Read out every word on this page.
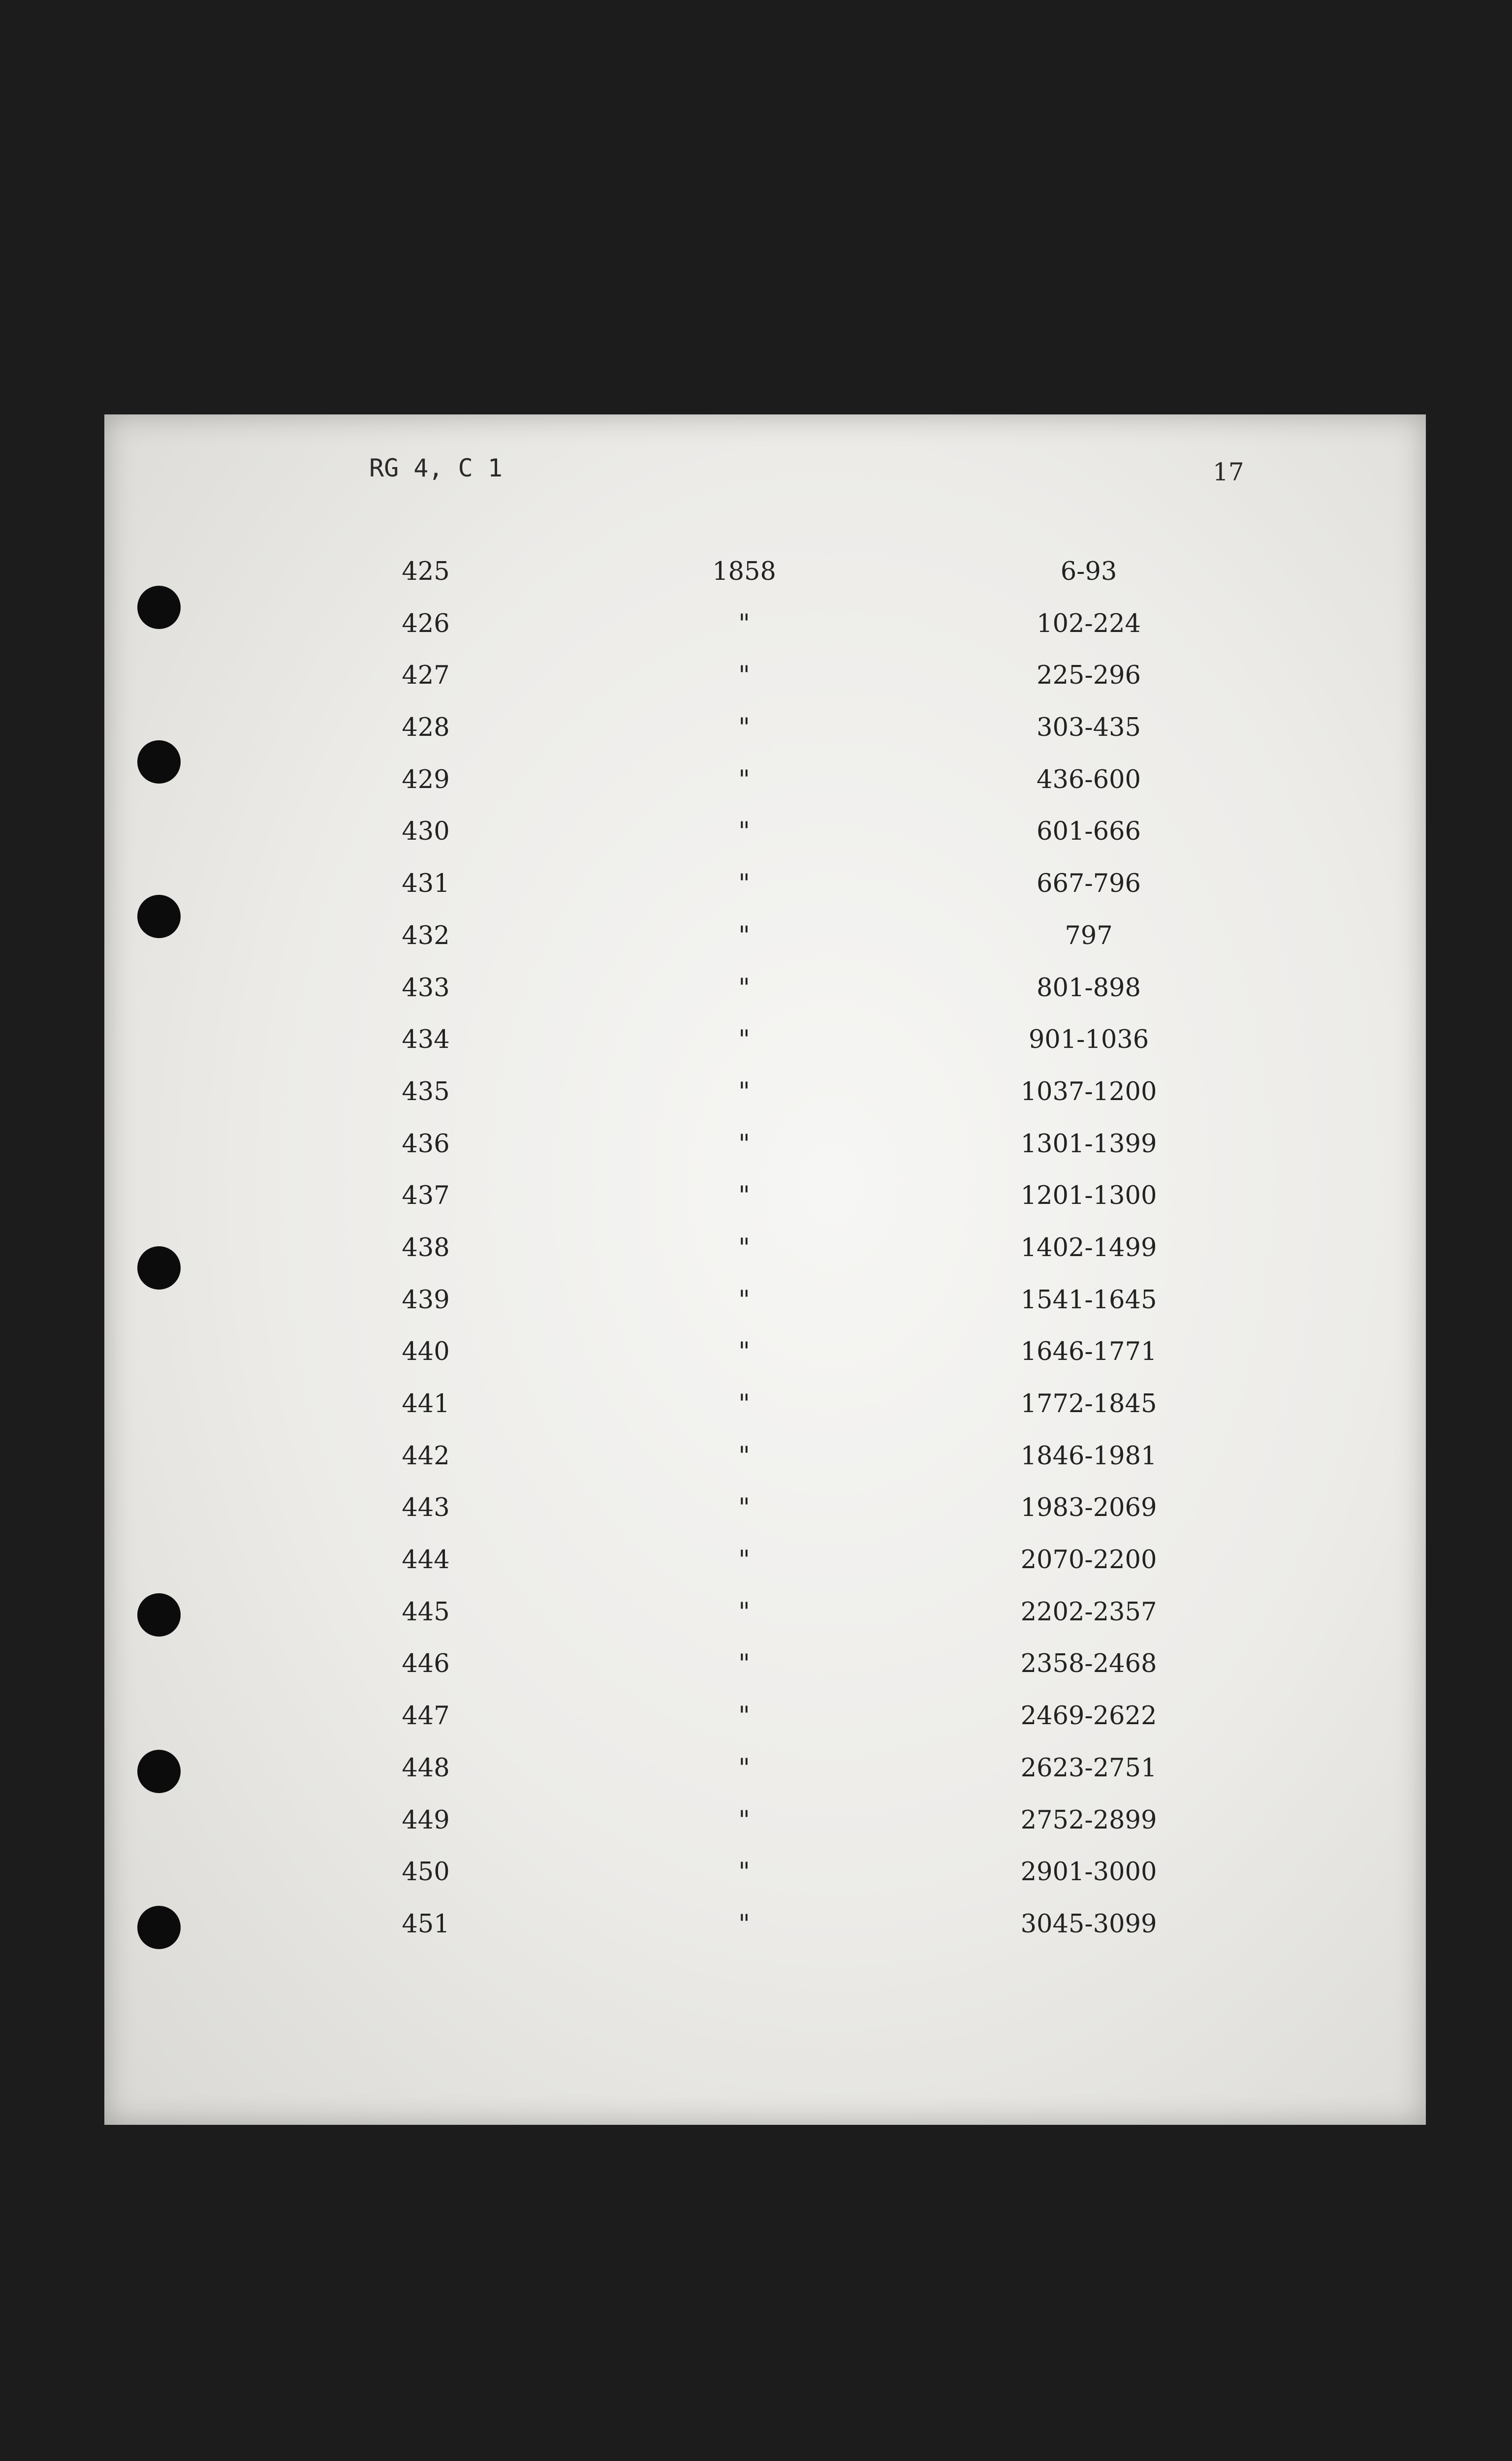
RG 4, C 1	17
425	1858	6-93
426	"	102-224
427	"	225-296
428	"	303-435
429	"	436-600
430	"	601-666
431	"	667-796
432	"	797
433	"	801-898
434	"	901-1036
435	"	1037-1200
436	"	1301-1399
437	"	1201-1300
438	"	1402-1499
439	"	1541-1645
440	"	1646-1771
441	"	1772-1845
442	"	1846-1981
443	"	1983-2069
444	"	2070-2200
445	"	2202-2357
446	"	2358-2468
447	"	2469-2622
448	"	2623-2751
449	"	2752-2899
450	"	2901-3000
451	"	3045-3099
